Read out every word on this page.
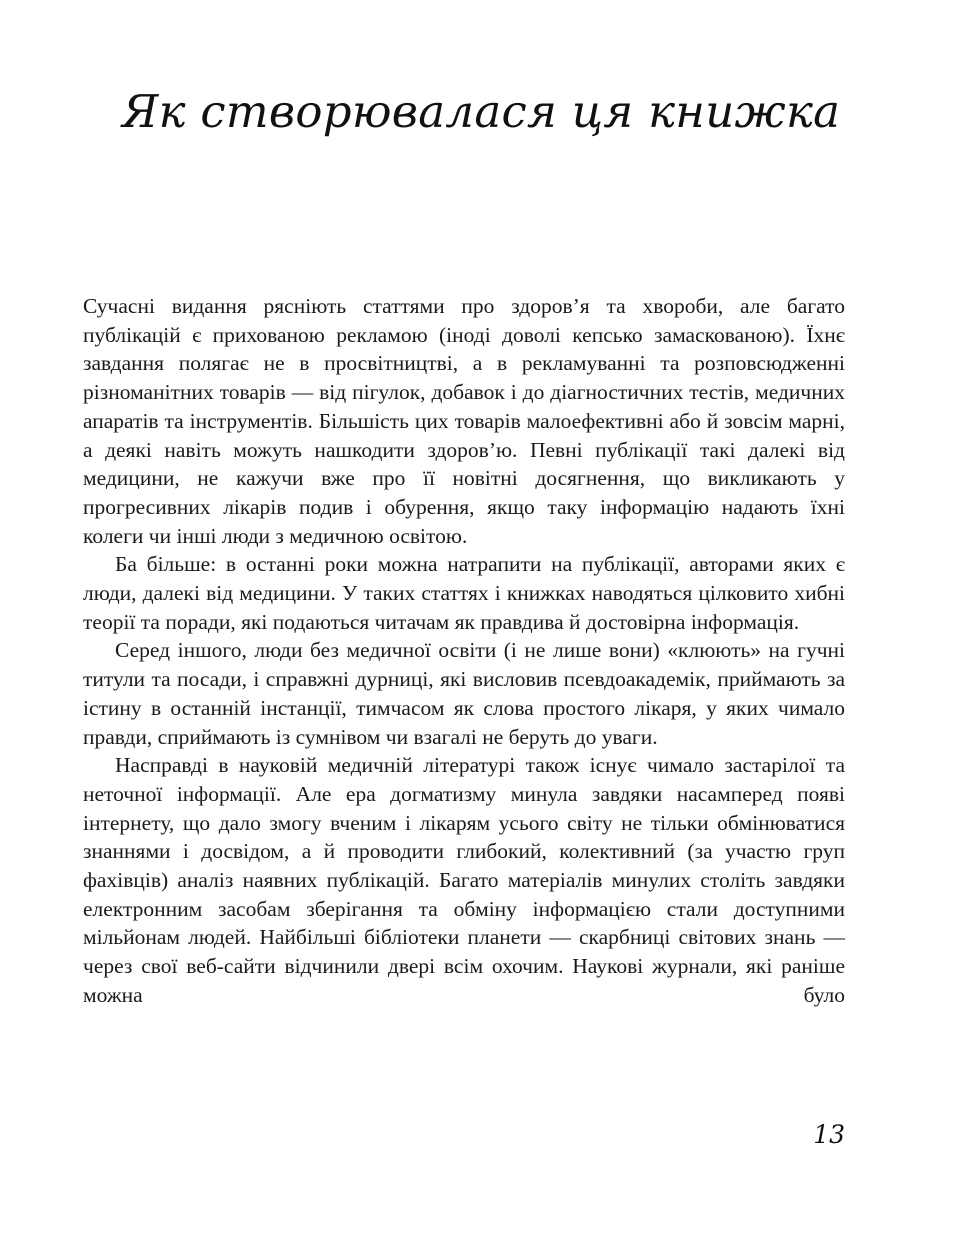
Як створювалася ця книжка

Сучасні видання рясніють статтями про здоров’я та хвороби, але багато публікацій є прихованою рекламою (іноді доволі кепсько замаскованою). Їхнє завдання полягає не в просвітництві, а в рекламуванні та розповсюдженні різноманітних товарів — від пігулок, добавок і до діагностичних тестів, медичних апаратів та інструментів. Більшість цих товарів малоефективні або й зовсім марні, а деякі навіть можуть нашкодити здоров’ю. Певні публікації такі далекі від медицини, не кажучи вже про її новітні досягнення, що викликають у прогресивних лікарів подив і обурення, якщо таку інформацію надають їхні колеги чи інші люди з медичною освітою.

Ба більше: в останні роки можна натрапити на публікації, авторами яких є люди, далекі від медицини. У таких статтях і книжках наводяться цілковито хибні теорії та поради, які подаються читачам як правдива й достовірна інформація.

Серед іншого, люди без медичної освіти (і не лише вони) «клюють» на гучні титули та посади, і справжні дурниці, які висловив псевдоакадемік, приймають за істину в останній інстанції, тимчасом як слова простого лікаря, у яких чимало правди, сприймають із сумнівом чи взагалі не беруть до уваги.

Насправді в науковій медичній літературі також існує чимало застарілої та неточної інформації. Але ера догматизму минула завдяки насамперед появі інтернету, що дало змогу вченим і лікарям усього світу не тільки обмінюватися знаннями і досвідом, а й проводити глибокий, колективний (за участю груп фахівців) аналіз наявних публікацій. Багато матеріалів минулих століть завдяки електронним засобам зберігання та обміну інформацією стали доступними мільйонам людей. Найбільші бібліотеки планети — скарбниці світових знань — через свої веб-сайти відчинили двері всім охочим. Наукові журнали, які раніше можна було

13
